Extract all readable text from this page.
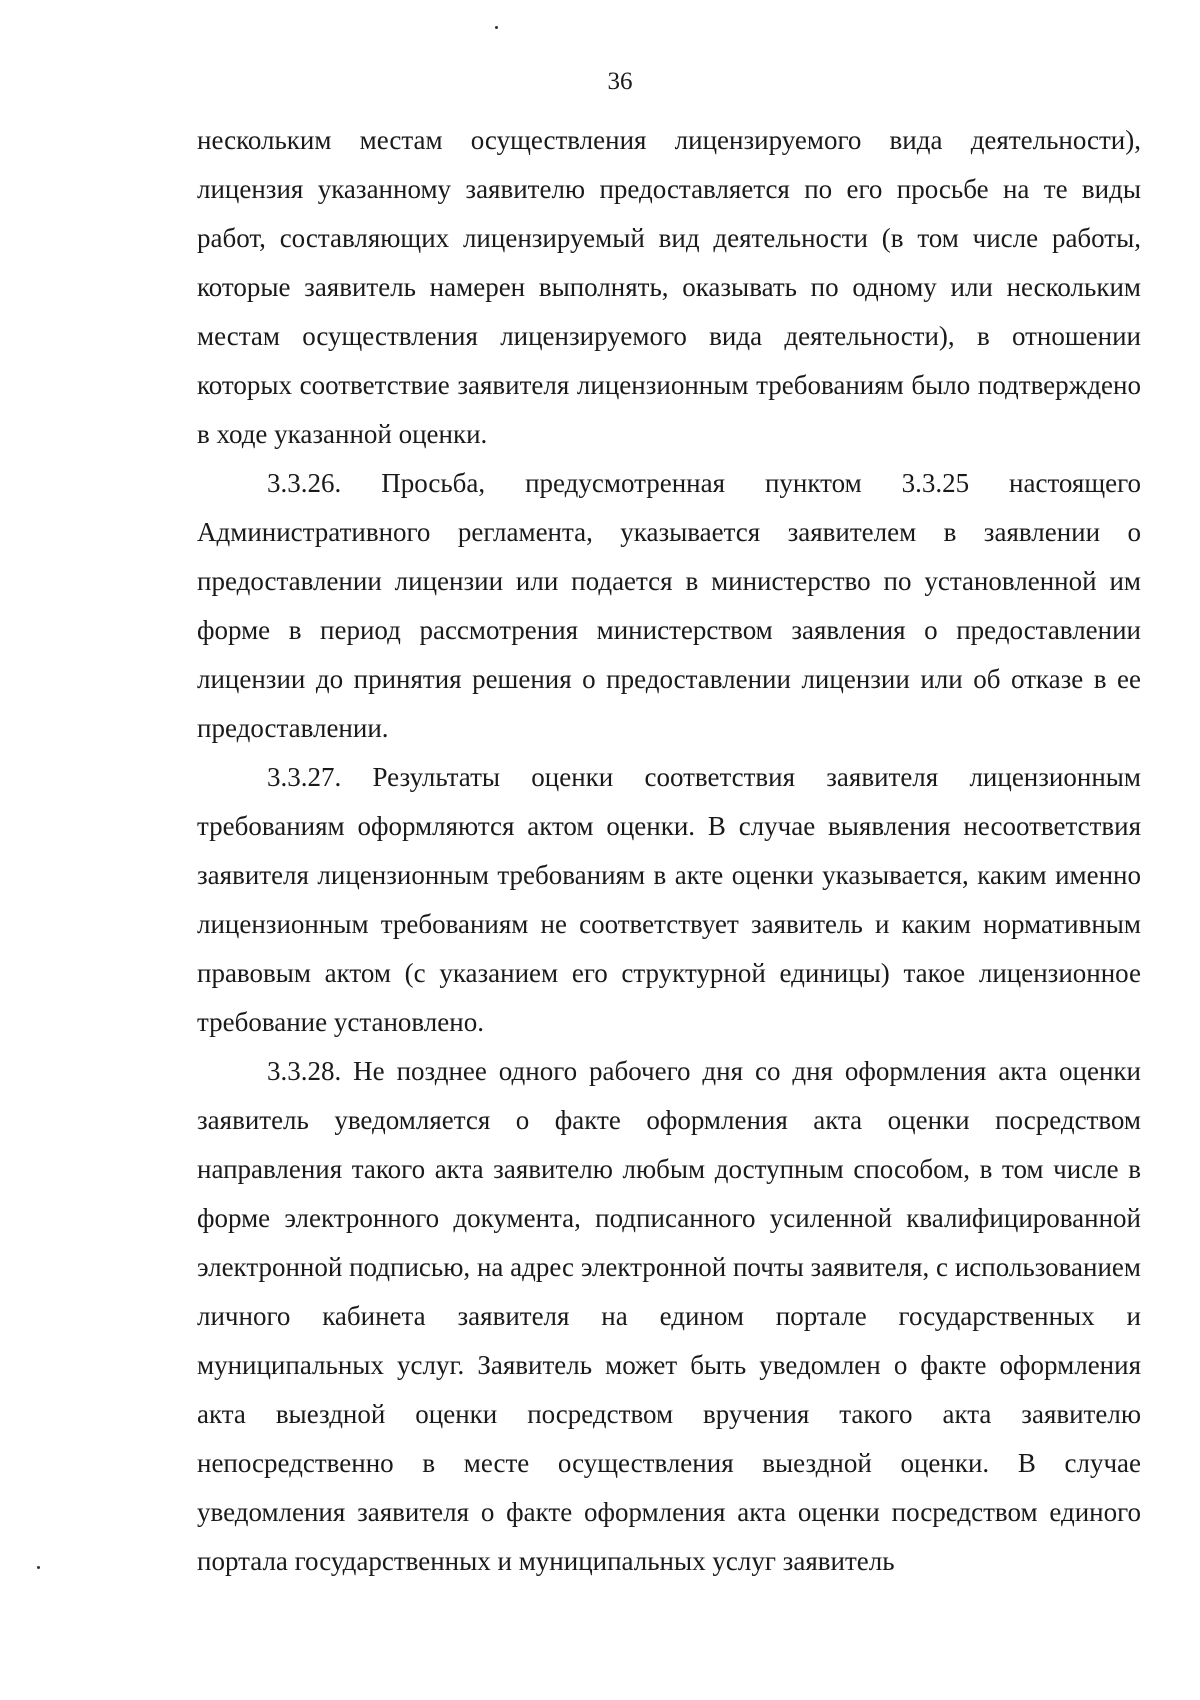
36

нескольким местам осуществления лицензируемого вида деятельности), лицензия указанному заявителю предоставляется по его просьбе на те виды работ, составляющих лицензируемый вид деятельности (в том числе работы, которые заявитель намерен выполнять, оказывать по одному или нескольким местам осуществления лицензируемого вида деятельности), в отношении которых соответствие заявителя лицензионным требованиям было подтверждено в ходе указанной оценки.

3.3.26. Просьба, предусмотренная пунктом 3.3.25 настоящего Административного регламента, указывается заявителем в заявлении о предоставлении лицензии или подается в министерство по установленной им форме в период рассмотрения министерством заявления о предоставлении лицензии до принятия решения о предоставлении лицензии или об отказе в ее предоставлении.

3.3.27. Результаты оценки соответствия заявителя лицензионным требованиям оформляются актом оценки. В случае выявления несоответствия заявителя лицензионным требованиям в акте оценки указывается, каким именно лицензионным требованиям не соответствует заявитель и каким нормативным правовым актом (с указанием его структурной единицы) такое лицензионное требование установлено.

3.3.28. Не позднее одного рабочего дня со дня оформления акта оценки заявитель уведомляется о факте оформления акта оценки посредством направления такого акта заявителю любым доступным способом, в том числе в форме электронного документа, подписанного усиленной квалифицированной электронной подписью, на адрес электронной почты заявителя, с использованием личного кабинета заявителя на едином портале государственных и муниципальных услуг. Заявитель может быть уведомлен о факте оформления акта выездной оценки посредством вручения такого акта заявителю непосредственно в месте осуществления выездной оценки. В случае уведомления заявителя о факте оформления акта оценки посредством единого портала государственных и муниципальных услуг заявитель
